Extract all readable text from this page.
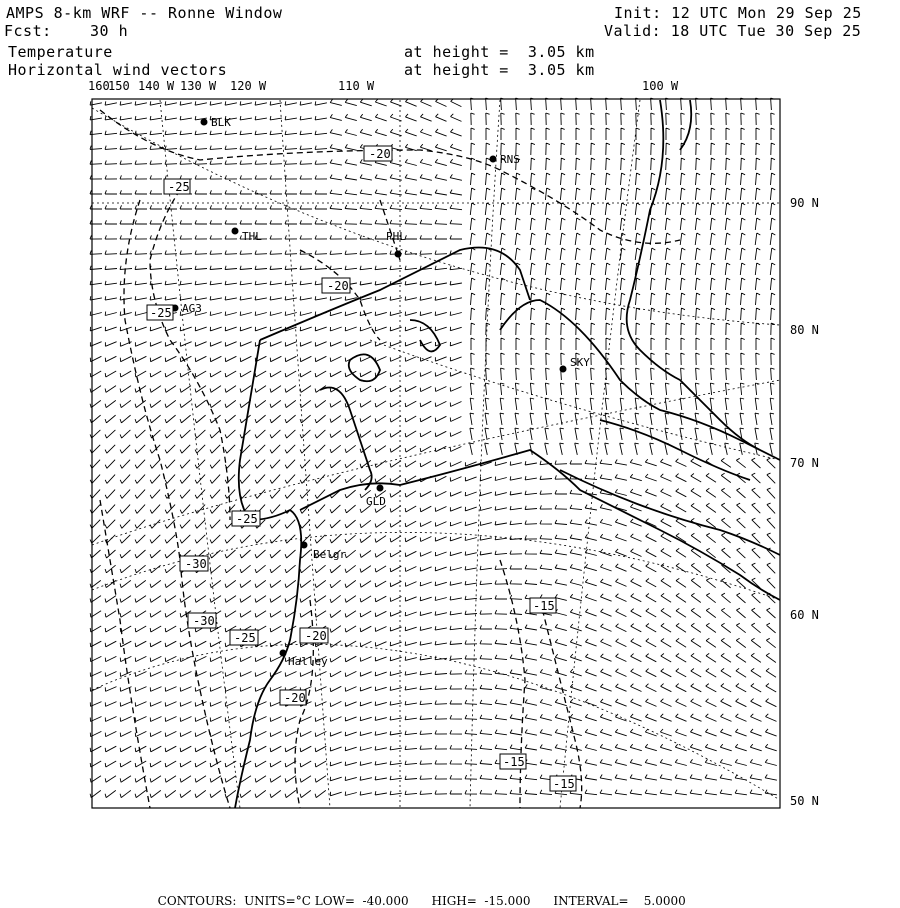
AMPS 8-km WRF -- Ronne Window
Fcst:	30 h
Init: 12 UTC Mon 29 Sep 25
Valid: 18 UTC Tue 30 Sep 25
Temperature
Horizontal wind vectors
at height =  3.05 km
at height =  3.05 km
160
150 140 W 130 W 120 W	110 W	100 W
90 N
80 N
70 N
60 N
50 N
BLK
RNS
THL	PHL
AG3
SKY
GLD
Belgr
Halley
-20
-25
-20
-25
-30
-30
-25	-20
-20
-25
-15
-15
-15

CONTOURS: UNITS=°C LOW=  -40.000 HIGH=  -15.000 INTERVAL=    5.0000
